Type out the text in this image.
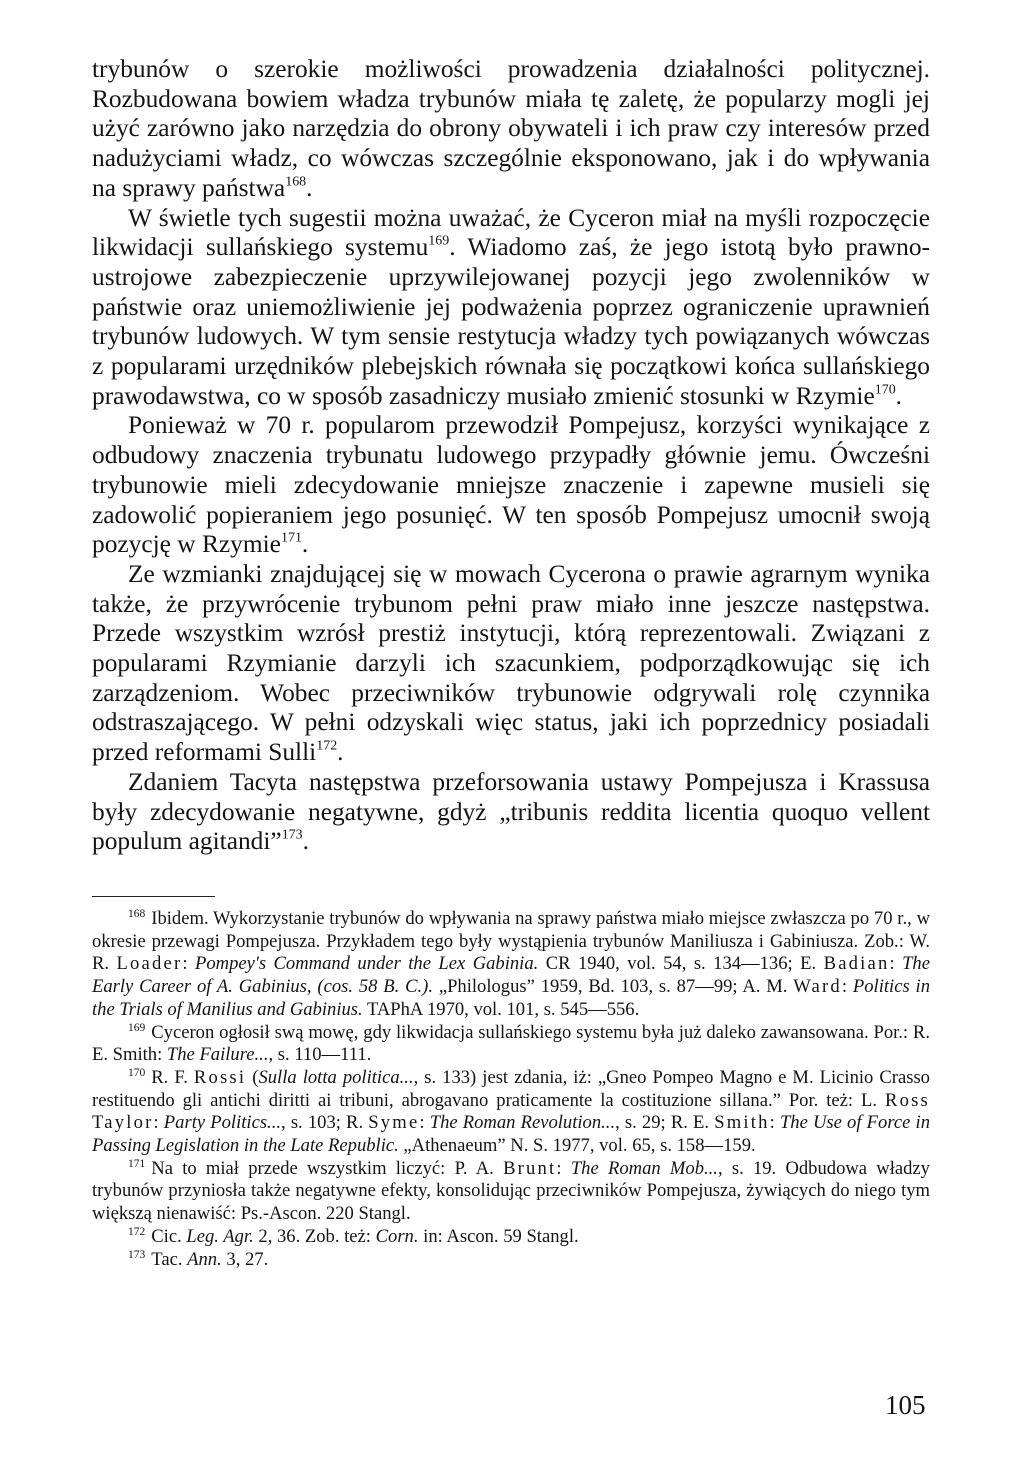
trybunów o szerokie możliwości prowadzenia działalności politycznej. Rozbudowana bowiem władza trybunów miała tę zaletę, że popularzy mogli jej użyć zarówno jako narzędzia do obrony obywateli i ich praw czy interesów przed nadużyciami władz, co wówczas szczególnie eksponowano, jak i do wpływania na sprawy państwa$^{168}$.

W świetle tych sugestii można uważać, że Cyceron miał na myśli rozpoczęcie likwidacji sullańskiego systemu$^{169}$. Wiadomo zaś, że jego istotą było prawno-ustrojowe zabezpieczenie uprzywilejowanej pozycji jego zwolenników w państwie oraz uniemożliwienie jej podważenia poprzez ograniczenie uprawnień trybunów ludowych. W tym sensie restytucja władzy tych powiązanych wówczas z popularami urzędników plebejskich równała się początkowi końca sullańskiego prawodawstwa, co w sposób zasadniczy musiało zmienić stosunki w Rzymie$^{170}$.

Ponieważ w 70 r. popularom przewodził Pompejusz, korzyści wynikające z odbudowy znaczenia trybunatu ludowego przypadły głównie jemu. Ówcześni trybunowie mieli zdecydowanie mniejsze znaczenie i zapewne musieli się zadowolić popieraniem jego posunięć. W ten sposób Pompejusz umocnił swoją pozycję w Rzymie$^{171}$.

Ze wzmianki znajdującej się w mowach Cycerona o prawie agrarnym wynika także, że przywrócenie trybunom pełni praw miało inne jeszcze następstwa. Przede wszystkim wzrósł prestiż instytucji, którą reprezentowali. Związani z popularami Rzymianie darzyli ich szacunkiem, podporządkowując się ich zarządzeniom. Wobec przeciwników trybunowie odgrywali rolę czynnika odstraszającego. W pełni odzyskali więc status, jaki ich poprzednicy posiadali przed reformami Sulli$^{172}$.

Zdaniem Tacyta następstwa przeforsowania ustawy Pompejusza i Krassusa były zdecydowanie negatywne, gdyż „tribunis reddita licentia quoquo vellent populum agitandi”$^{173}$.

$^{168}$ Ibidem. Wykorzystanie trybunów do wpływania na sprawy państwa miało miejsce zwłaszcza po 70 r., w okresie przewagi Pompejusza. Przykładem tego były wystąpienia trybunów Maniliusza i Gabiniusza. Zob.: W. R. Loader: Pompey's Command under the Lex Gabinia. CR 1940, vol. 54, s. 134—136; E. Badian: The Early Career of A. Gabinius, (cos. 58 B. C.). „Philologus” 1959, Bd. 103, s. 87—99; A. M. Ward: Politics in the Trials of Manilius and Gabinius. TAPhA 1970, vol. 101, s. 545—556.

$^{169}$ Cyceron ogłosił swą mowę, gdy likwidacja sullańskiego systemu była już daleko zawansowana. Por.: R. E. Smith: The Failure..., s. 110—111.

$^{170}$ R. F. Rossi (Sulla lotta politica..., s. 133) jest zdania, iż: „Gneo Pompeo Magno e M. Licinio Crasso restituendo gli antichi diritti ai tribuni, abrogavano praticamente la costituzione sillana.” Por. też: L. Ross Taylor: Party Politics..., s. 103; R. Syme: The Roman Revolution..., s. 29; R. E. Smith: The Use of Force in Passing Legislation in the Late Republic. „Athenaeum” N. S. 1977, vol. 65, s. 158—159.

$^{171}$ Na to miał przede wszystkim liczyć: P. A. Brunt: The Roman Mob..., s. 19. Odbudowa władzy trybunów przyniosła także negatywne efekty, konsolidując przeciwników Pompejusza, żywiących do niego tym większą nienawiść: Ps.-Ascon. 220 Stangl.

$^{172}$ Cic. Leg. Agr. 2, 36. Zob. też: Corn. in: Ascon. 59 Stangl.

$^{173}$ Tac. Ann. 3, 27.

105
